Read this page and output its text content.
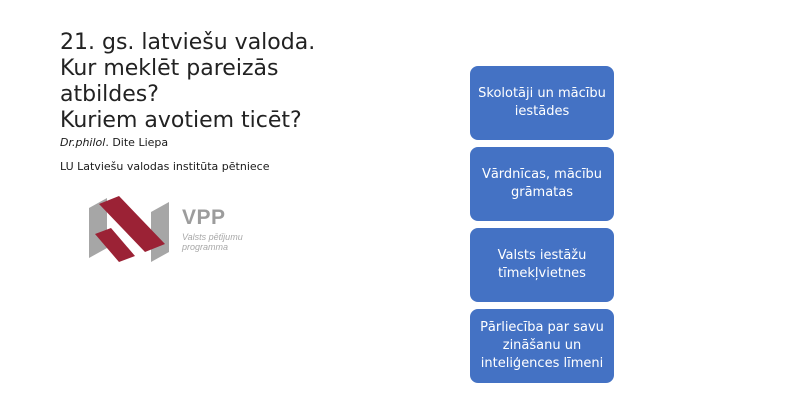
21. gs. latviešu valoda.
Kur meklēt pareizās
atbildes?
Kuriem avotiem ticēt?
Dr.philol. Dite Liepa
LU Latviešu valodas institūta pētniece
VPP
Valsts pētījumu
programma
Skolotāji un mācību iestādes
Vārdnīcas, mācību grāmatas
Valsts iestāžu tīmekļvietnes
Pārliecība par savu zināšanu un inteliģences līmeni
